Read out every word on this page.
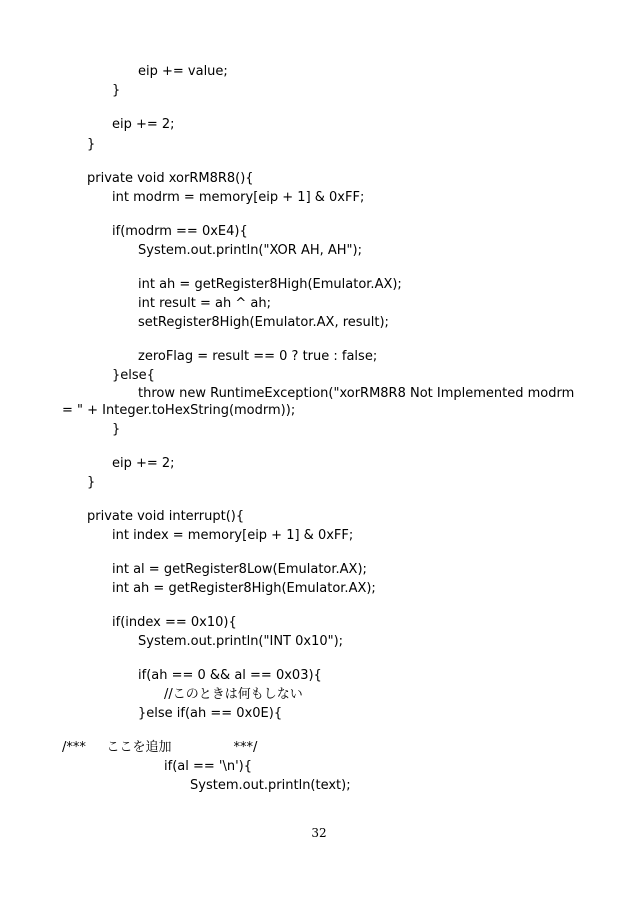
eip += value;
}
eip += 2;
}
private void xorRM8R8(){
int modrm = memory[eip + 1] & 0xFF;
if(modrm == 0xE4){
System.out.println("XOR AH, AH");
int ah = getRegister8High(Emulator.AX);
int result = ah ^ ah;
setRegister8High(Emulator.AX, result);
zeroFlag = result == 0 ? true : false;
}else{
throw new RuntimeException("xorRM8R8 Not Implemented modrm
= " + Integer.toHexString(modrm));
}
eip += 2;
}
private void interrupt(){
int index = memory[eip + 1] & 0xFF;
int al = getRegister8Low(Emulator.AX);
int ah = getRegister8High(Emulator.AX);
if(index == 0x10){
System.out.println("INT 0x10");
if(ah == 0 && al == 0x03){
//このときは何もしない
}else if(ah == 0x0E){
/***     ここを追加               ***/
if(al == '\n'){
System.out.println(text);
32
